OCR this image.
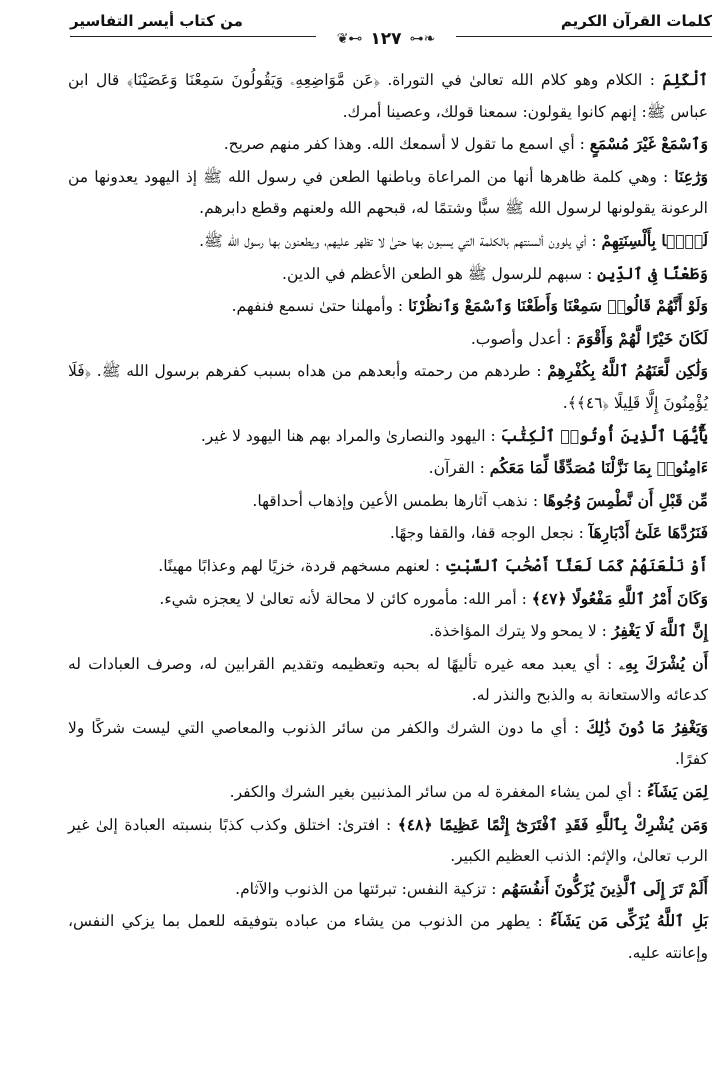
كلمات القرآن الكريم
من كتاب أيسر التفاسير
❦⊷ ١٢٧ ⊶❧

ٱلْكَلِمَ : الكلام وهو كلام الله تعالىٰ في التوراة. ﴿عَن مَّوَاضِعِهِۦ وَيَقُولُونَ سَمِعْنَا وَعَصَيْنَا﴾ قال ابن عباس ﷺ: إنهم كانوا يقولون: سمعنا قولك، وعصينا أمرك.

وَٱسْمَعْ غَيْرَ مُسْمَعٍ : أي اسمع ما تقول لا أسمعك الله. وهذا كفر منهم صريح.

وَرَٰعِنَا : وهي كلمة ظاهرها أنها من المراعاة وباطنها الطعن في رسول الله ﷺ إذ اليهود يعدونها من الرعونة يقولونها لرسول الله ﷺ سبًّا وشتمًا له، قبحهم الله ولعنهم وقطع دابرهم.

لَيًّۢا بِأَلْسِنَتِهِمْ : أي يلوون ألسنتهم بالكلمة التي يسبون بها حتىٰ لا تظهر عليهم، ويطعنون بها رسول الله ﷺ.

وَطَعْنًا فِى ٱلدِّينِ : سبهم للرسول ﷺ هو الطعن الأعظم في الدين.

وَلَوْ أَنَّهُمْ قَالُوا۟ سَمِعْنَا وَأَطَعْنَا وَٱسْمَعْ وَٱنظُرْنَا : وأمهلنا حتىٰ نسمع فنفهم.

لَكَانَ خَيْرًا لَّهُمْ وَأَقْوَمَ : أعدل وأصوب.

وَلَٰكِن لَّعَنَهُمُ ٱللَّهُ بِكُفْرِهِمْ : طردهم من رحمته وأبعدهم من هداه بسبب كفرهم برسول الله ﷺ. ﴿فَلَا يُؤْمِنُونَ إِلَّا قَلِيلًا ﴿٤٦﴾﴾.

يَٰٓأَيُّهَا ٱلَّذِينَ أُوتُوا۟ ٱلْكِتَٰبَ : اليهود والنصارىٰ والمراد بهم هنا اليهود لا غير.

ءَامِنُوا۟ بِمَا نَزَّلْنَا مُصَدِّقًا لِّمَا مَعَكُم : القرآن.

مِّن قَبْلِ أَن نَّطْمِسَ وُجُوهًا : نذهب آثارها بطمس الأعين وإذهاب أحداقها.

فَنَرُدَّهَا عَلَىٰٓ أَدْبَارِهَآ : نجعل الوجه قفا، والقفا وجهًا.

أَوْ نَلْعَنَهُمْ كَمَا لَعَنَّآ أَصْحَٰبَ ٱلسَّبْتِ : لعنهم مسخهم قردة، خزيًا لهم وعذابًا مهينًا.

وَكَانَ أَمْرُ ٱللَّهِ مَفْعُولًا ﴿٤٧﴾ : أمر الله: مأموره كائن لا محالة لأنه تعالىٰ لا يعجزه شيء.

إِنَّ ٱللَّهَ لَا يَغْفِرُ : لا يمحو ولا يترك المؤاخذة.

أَن يُشْرَكَ بِهِۦ : أي يعبد معه غيره تأليهًا له بحبه وتعظيمه وتقديم القرابين له، وصرف العبادات له كدعائه والاستعانة به والذبح والنذر له.

وَيَغْفِرُ مَا دُونَ ذَٰلِكَ : أي ما دون الشرك والكفر من سائر الذنوب والمعاصي التي ليست شركًا ولا كفرًا.

لِمَن يَشَآءُ : أي لمن يشاء المغفرة له من سائر المذنبين بغير الشرك والكفر.

وَمَن يُشْرِكْ بِٱللَّهِ فَقَدِ ٱفْتَرَىٰٓ إِثْمًا عَظِيمًا ﴿٤٨﴾ : افترىٰ: اختلق وكذب كذبًا بنسبته العبادة إلىٰ غير الرب تعالىٰ، والإثم: الذنب العظيم الكبير.

أَلَمْ تَرَ إِلَى ٱلَّذِينَ يُزَكُّونَ أَنفُسَهُم : تزكية النفس: تبرئتها من الذنوب والآثام.

بَلِ ٱللَّهُ يُزَكِّى مَن يَشَآءُ : يطهر من الذنوب من يشاء من عباده بتوفيقه للعمل بما يزكي النفس، وإعانته عليه.
